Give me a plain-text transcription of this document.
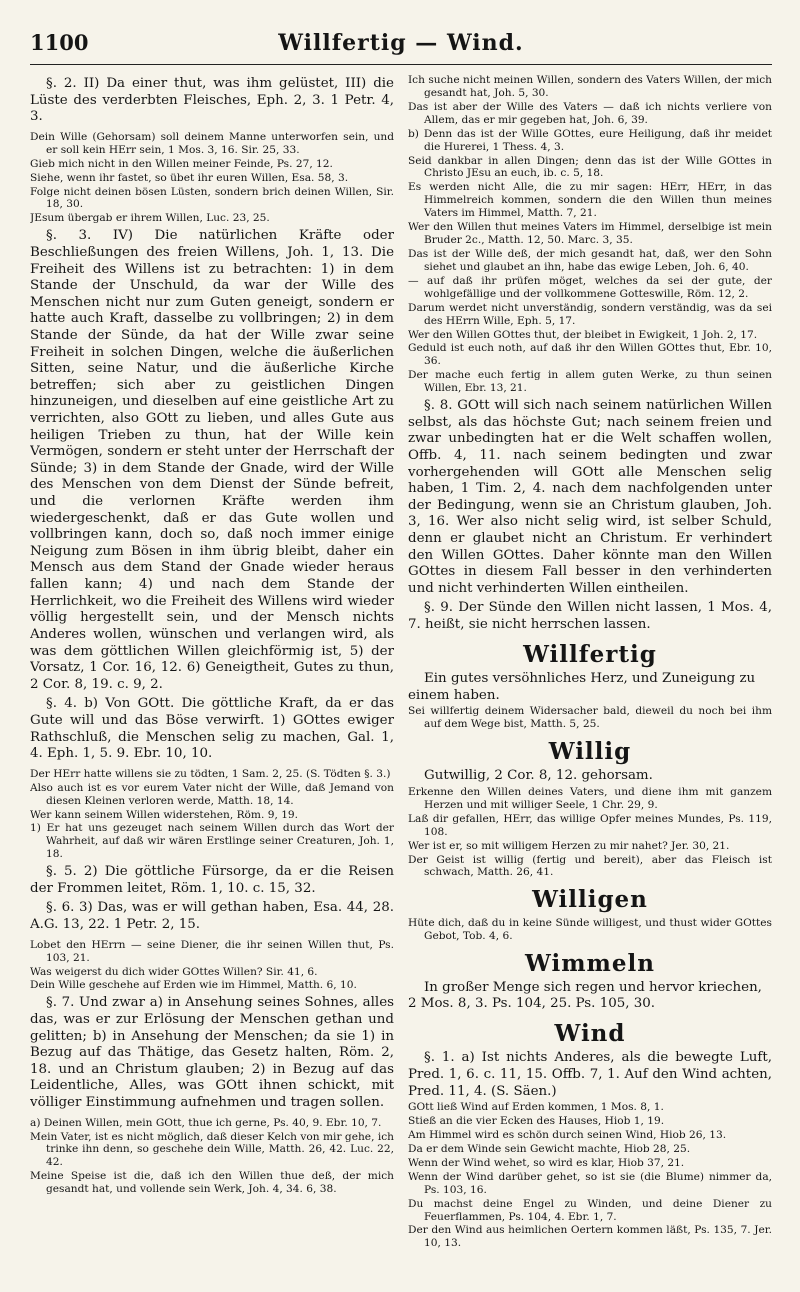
1100	Willfertig — Wind.

§. 2. II) Da einer thut, was ihm gelüstet, III) die Lüste des verderbten Fleisches, Eph. 2, 3. 1 Petr. 4, 3.

Dein Wille (Gehorsam) soll deinem Manne unterworfen sein, und er soll kein HErr sein, 1 Mos. 3, 16. Sir. 25, 33.

Gieb mich nicht in den Willen meiner Feinde, Ps. 27, 12.

Siehe, wenn ihr fastet, so übet ihr euren Willen, Esa. 58, 3.

Folge nicht deinen bösen Lüsten, sondern brich deinen Willen, Sir. 18, 30.

JEsum übergab er ihrem Willen, Luc. 23, 25.

§. 3. IV) Die natürlichen Kräfte oder Beschließungen des freien Willens, Joh. 1, 13. Die Freiheit des Willens ist zu betrachten: 1) in dem Stande der Unschuld, da war der Wille des Menschen nicht nur zum Guten geneigt, sondern er hatte auch Kraft, dasselbe zu vollbringen; 2) in dem Stande der Sünde, da hat der Wille zwar seine Freiheit in solchen Dingen, welche die äußerlichen Sitten, seine Natur, und die äußerliche Kirche betreffen; sich aber zu geistlichen Dingen hinzuneigen, und dieselben auf eine geistliche Art zu verrichten, also GOtt zu lieben, und alles Gute aus heiligen Trieben zu thun, hat der Wille kein Vermögen, sondern er steht unter der Herrschaft der Sünde; 3) in dem Stande der Gnade, wird der Wille des Menschen von dem Dienst der Sünde befreit, und die verlornen Kräfte werden ihm wiedergeschenkt, daß er das Gute wollen und vollbringen kann, doch so, daß noch immer einige Neigung zum Bösen in ihm übrig bleibt, daher ein Mensch aus dem Stand der Gnade wieder heraus fallen kann; 4) und nach dem Stande der Herrlichkeit, wo die Freiheit des Willens wird wieder völlig hergestellt sein, und der Mensch nichts Anderes wollen, wünschen und verlangen wird, als was dem göttlichen Willen gleichförmig ist, 5) der Vorsatz, 1 Cor. 16, 12. 6) Geneigtheit, Gutes zu thun, 2 Cor. 8, 19. c. 9, 2.

§. 4. b) Von GOtt. Die göttliche Kraft, da er das Gute will und das Böse verwirft. 1) GOttes ewiger Rathschluß, die Menschen selig zu machen, Gal. 1, 4. Eph. 1, 5. 9. Ebr. 10, 10.

Der HErr hatte willens sie zu tödten, 1 Sam. 2, 25. (S. Tödten §. 3.)

Also auch ist es vor eurem Vater nicht der Wille, daß Jemand von diesen Kleinen verloren werde, Matth. 18, 14.

Wer kann seinem Willen widerstehen, Röm. 9, 19.

1) Er hat uns gezeuget nach seinem Willen durch das Wort der Wahrheit, auf daß wir wären Erstlinge seiner Creaturen, Joh. 1, 18.

§. 5. 2) Die göttliche Fürsorge, da er die Reisen der Frommen leitet, Röm. 1, 10. c. 15, 32.

§. 6. 3) Das, was er will gethan haben, Esa. 44, 28. A.G. 13, 22. 1 Petr. 2, 15.

Lobet den HErrn — seine Diener, die ihr seinen Willen thut, Ps. 103, 21.

Was weigerst du dich wider GOttes Willen? Sir. 41, 6.

Dein Wille geschehe auf Erden wie im Himmel, Matth. 6, 10.

§. 7. Und zwar a) in Ansehung seines Sohnes, alles das, was er zur Erlösung der Menschen gethan und gelitten; b) in Ansehung der Menschen; da sie 1) in Bezug auf das Thätige, das Gesetz halten, Röm. 2, 18. und an Christum glauben; 2) in Bezug auf das Leidentliche, Alles, was GOtt ihnen schickt, mit völliger Einstimmung aufnehmen und tragen sollen.

a) Deinen Willen, mein GOtt, thue ich gerne, Ps. 40, 9. Ebr. 10, 7.

Mein Vater, ist es nicht möglich, daß dieser Kelch von mir gehe, ich trinke ihn denn, so geschehe dein Wille, Matth. 26, 42. Luc. 22, 42.

Meine Speise ist die, daß ich den Willen thue deß, der mich gesandt hat, und vollende sein Werk, Joh. 4, 34. 6, 38.

Ich suche nicht meinen Willen, sondern des Vaters Willen, der mich gesandt hat, Joh. 5, 30.

Das ist aber der Wille des Vaters — daß ich nichts verliere von Allem, das er mir gegeben hat, Joh. 6, 39.

b) Denn das ist der Wille GOttes, eure Heiligung, daß ihr meidet die Hurerei, 1 Thess. 4, 3.

Seid dankbar in allen Dingen; denn das ist der Wille GOttes in Christo JEsu an euch, ib. c. 5, 18.

Es werden nicht Alle, die zu mir sagen: HErr, HErr, in das Himmelreich kommen, sondern die den Willen thun meines Vaters im Himmel, Matth. 7, 21.

Wer den Willen thut meines Vaters im Himmel, derselbige ist mein Bruder 2c., Matth. 12, 50. Marc. 3, 35.

Das ist der Wille deß, der mich gesandt hat, daß, wer den Sohn siehet und glaubet an ihn, habe das ewige Leben, Joh. 6, 40.

— auf daß ihr prüfen möget, welches da sei der gute, der wohlgefällige und der vollkommene Gotteswille, Röm. 12, 2.

Darum werdet nicht unverständig, sondern verständig, was da sei des HErrn Wille, Eph. 5, 17.

Wer den Willen GOttes thut, der bleibet in Ewigkeit, 1 Joh. 2, 17.

Geduld ist euch noth, auf daß ihr den Willen GOttes thut, Ebr. 10, 36.

Der mache euch fertig in allem guten Werke, zu thun seinen Willen, Ebr. 13, 21.

§. 8. GOtt will sich nach seinem natürlichen Willen selbst, als das höchste Gut; nach seinem freien und zwar unbedingten hat er die Welt schaffen wollen, Offb. 4, 11. nach seinem bedingten und zwar vorhergehenden will GOtt alle Menschen selig haben, 1 Tim. 2, 4. nach dem nachfolgenden unter der Bedingung, wenn sie an Christum glauben, Joh. 3, 16. Wer also nicht selig wird, ist selber Schuld, denn er glaubet nicht an Christum. Er verhindert den Willen GOttes. Daher könnte man den Willen GOttes in diesem Fall besser in den verhinderten und nicht verhinderten Willen eintheilen.

§. 9. Der Sünde den Willen nicht lassen, 1 Mos. 4, 7. heißt, sie nicht herrschen lassen.

Willfertig

Ein gutes versöhnliches Herz, und Zuneigung zu einem haben.

Sei willfertig deinem Widersacher bald, dieweil du noch bei ihm auf dem Wege bist, Matth. 5, 25.

Willig

Gutwillig, 2 Cor. 8, 12. gehorsam.

Erkenne den Willen deines Vaters, und diene ihm mit ganzem Herzen und mit williger Seele, 1 Chr. 29, 9.

Laß dir gefallen, HErr, das willige Opfer meines Mundes, Ps. 119, 108.

Wer ist er, so mit willigem Herzen zu mir nahet? Jer. 30, 21.

Der Geist ist willig (fertig und bereit), aber das Fleisch ist schwach, Matth. 26, 41.

Willigen

Hüte dich, daß du in keine Sünde willigest, und thust wider GOttes Gebot, Tob. 4, 6.

Wimmeln

In großer Menge sich regen und hervor kriechen, 2 Mos. 8, 3. Ps. 104, 25. Ps. 105, 30.

Wind

§. 1. a) Ist nichts Anderes, als die bewegte Luft, Pred. 1, 6. c. 11, 15. Offb. 7, 1. Auf den Wind achten, Pred. 11, 4. (S. Säen.)

GOtt ließ Wind auf Erden kommen, 1 Mos. 8, 1.

Stieß an die vier Ecken des Hauses, Hiob 1, 19.

Am Himmel wird es schön durch seinen Wind, Hiob 26, 13.

Da er dem Winde sein Gewicht machte, Hiob 28, 25.

Wenn der Wind wehet, so wird es klar, Hiob 37, 21.

Wenn der Wind darüber gehet, so ist sie (die Blume) nimmer da, Ps. 103, 16.

Du machst deine Engel zu Winden, und deine Diener zu Feuerflammen, Ps. 104, 4. Ebr. 1, 7.

Der den Wind aus heimlichen Oertern kommen läßt, Ps. 135, 7. Jer. 10, 13.
